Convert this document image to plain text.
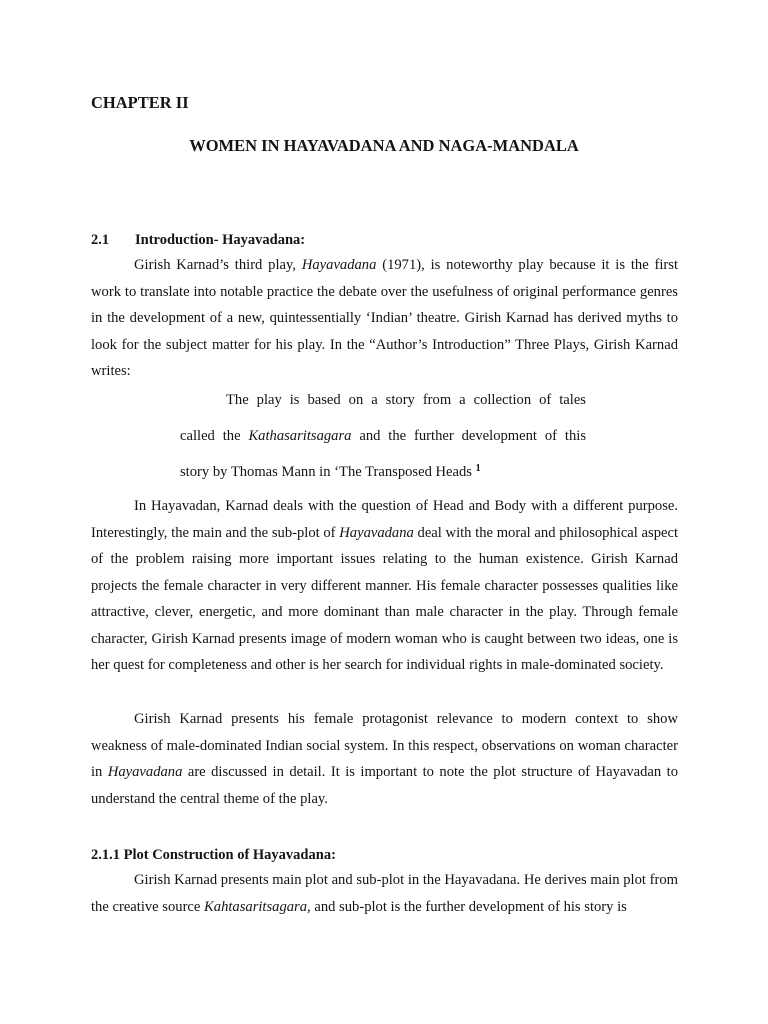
CHAPTER II
WOMEN IN HAYAVADANA AND NAGA-MANDALA
2.1 Introduction- Hayavadana:

Girish Karnad’s third play, Hayavadana (1971), is noteworthy play because it is the first work to translate into notable practice the debate over the usefulness of original performance genres in the development of a new, quintessentially ‘Indian’ theatre. Girish Karnad has derived myths to look for the subject matter for his play. In the “Author’s Introduction” Three Plays, Girish Karnad writes:

The play is based on a story from a collection of tales
called the Kathasaritsagara and the further development of this
story by Thomas Mann in ‘The Transposed Heads $^1$

In Hayavadan, Karnad deals with the question of Head and Body with a different purpose. Interestingly, the main and the sub-plot of Hayavadana deal with the moral and philosophical aspect of the problem raising more important issues relating to the human existence. Girish Karnad projects the female character in very different manner. His female character possesses qualities like attractive, clever, energetic, and more dominant than male character in the play. Through female character, Girish Karnad presents image of modern woman who is caught between two ideas, one is her quest for completeness and other is her search for individual rights in male-dominated society.

Girish Karnad presents his female protagonist relevance to modern context to show weakness of male-dominated Indian social system. In this respect, observations on woman character in Hayavadana are discussed in detail. It is important to note the plot structure of Hayavadan to understand the central theme of the play.

2.1.1 Plot Construction of Hayavadana:

Girish Karnad presents main plot and sub-plot in the Hayavadana. He derives main plot from the creative source Kahtasaritsagara, and sub-plot is the further development of his story is
